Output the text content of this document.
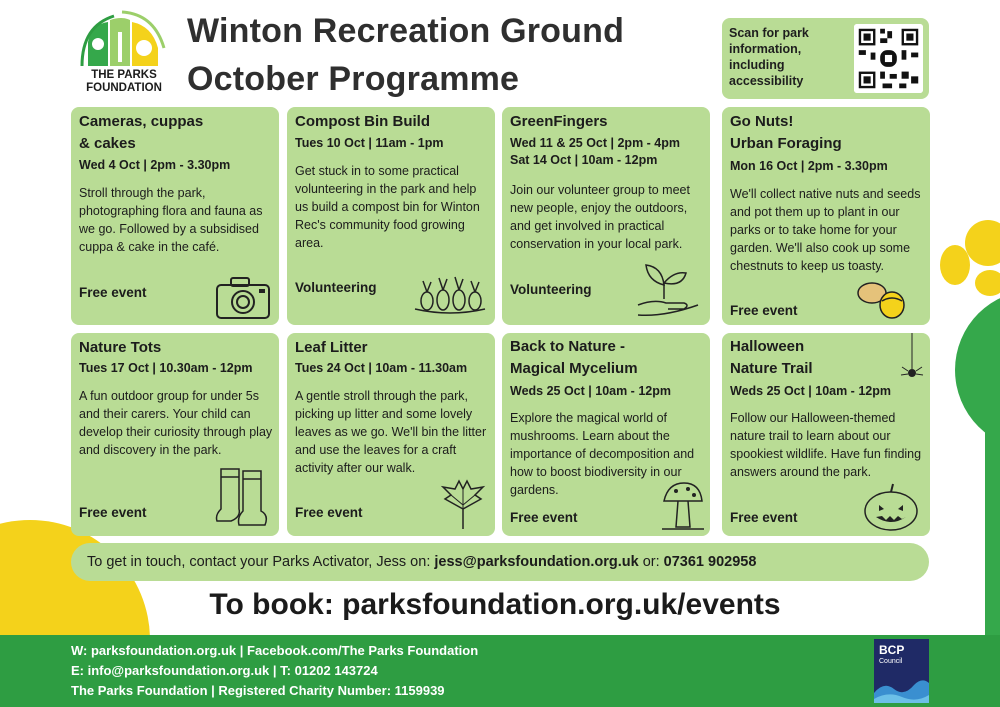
THE PARKS
FOUNDATION
Winton Recreation Ground
October Programme
Scan for park information, including accessibility
Cameras, cuppas
& cakes
Wed 4 Oct | 2pm - 3.30pm
Stroll through the park, photographing flora and fauna as we go. Followed by a subsidised cuppa & cake in the café.
Free event
Compost Bin Build
Tues 10 Oct | 11am - 1pm
Get stuck in to some practical volunteering in the park and help us build a compost bin for Winton Rec's community food growing area.
Volunteering
GreenFingers
Wed 11 & 25 Oct | 2pm - 4pm
Sat 14 Oct | 10am - 12pm
Join our volunteer group to meet new people, enjoy the outdoors, and get involved in practical conservation in your local park.
Volunteering
Go Nuts!
Urban Foraging
Mon 16 Oct | 2pm - 3.30pm
We'll collect native nuts and seeds and pot them up to plant in our parks or to take home for your garden. We'll also cook up some chestnuts to keep us toasty.
Free event
Nature Tots
Tues 17 Oct | 10.30am - 12pm
A fun outdoor group for under 5s and their carers. Your child can develop their curiosity through play and discovery in the park.
Free event
Leaf Litter
Tues 24 Oct | 10am - 11.30am
A gentle stroll through the park, picking up litter and some lovely leaves as we go. We'll bin the litter and use the leaves for a craft activity after our walk.
Free event
Back to Nature -
Magical Mycelium
Weds 25 Oct | 10am - 12pm
Explore the magical world of mushrooms. Learn about the importance of decomposition and how to boost biodiversity in our gardens.
Free event
Halloween
Nature Trail
Weds 25 Oct | 10am - 12pm
Follow our Halloween-themed nature trail to learn about our spookiest wildlife. Have fun finding answers around the park.
Free event
To get in touch, contact your Parks Activator, Jess on: jess@parksfoundation.org.uk or: 07361 902958
To book: parksfoundation.org.uk/events
W: parksfoundation.org.uk | Facebook.com/The Parks Foundation
E: info@parksfoundation.org.uk | T: 01202 143724
The Parks Foundation | Registered Charity Number: 1159939
BCP
Council
